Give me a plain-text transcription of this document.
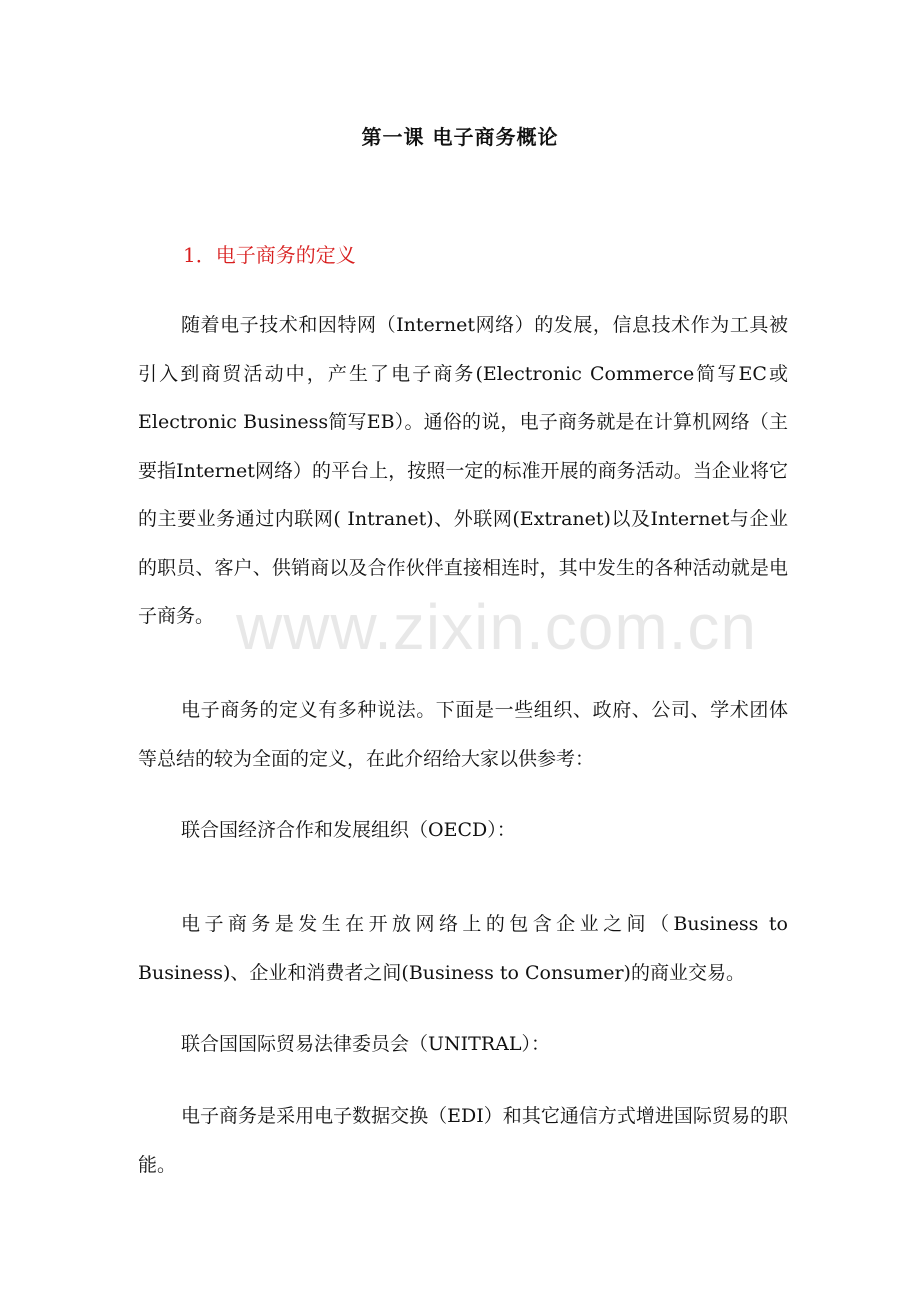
www.zixin.com.cn
第一课 电子商务概论
1．电子商务的定义

随着电子技术和因特网（Internet网络）的发展，信息技术作为工具被引入到商贸活动中，产生了电子商务(Electronic Commerce简写EC或Electronic Business简写EB）。通俗的说，电子商务就是在计算机网络（主要指Internet网络）的平台上，按照一定的标准开展的商务活动。当企业将它的主要业务通过内联网( Intranet)、外联网(Extranet)以及Internet与企业的职员、客户、供销商以及合作伙伴直接相连时，其中发生的各种活动就是电子商务。

电子商务的定义有多种说法。下面是一些组织、政府、公司、学术团体等总结的较为全面的定义，在此介绍给大家以供参考：

联合国经济合作和发展组织（OECD）：

电子商务是发生在开放网络上的包含企业之间（Business to Business)、企业和消费者之间(Business to Consumer)的商业交易。

联合国国际贸易法律委员会（UNITRAL）：

电子商务是采用电子数据交换（EDI）和其它通信方式增进国际贸易的职能。
